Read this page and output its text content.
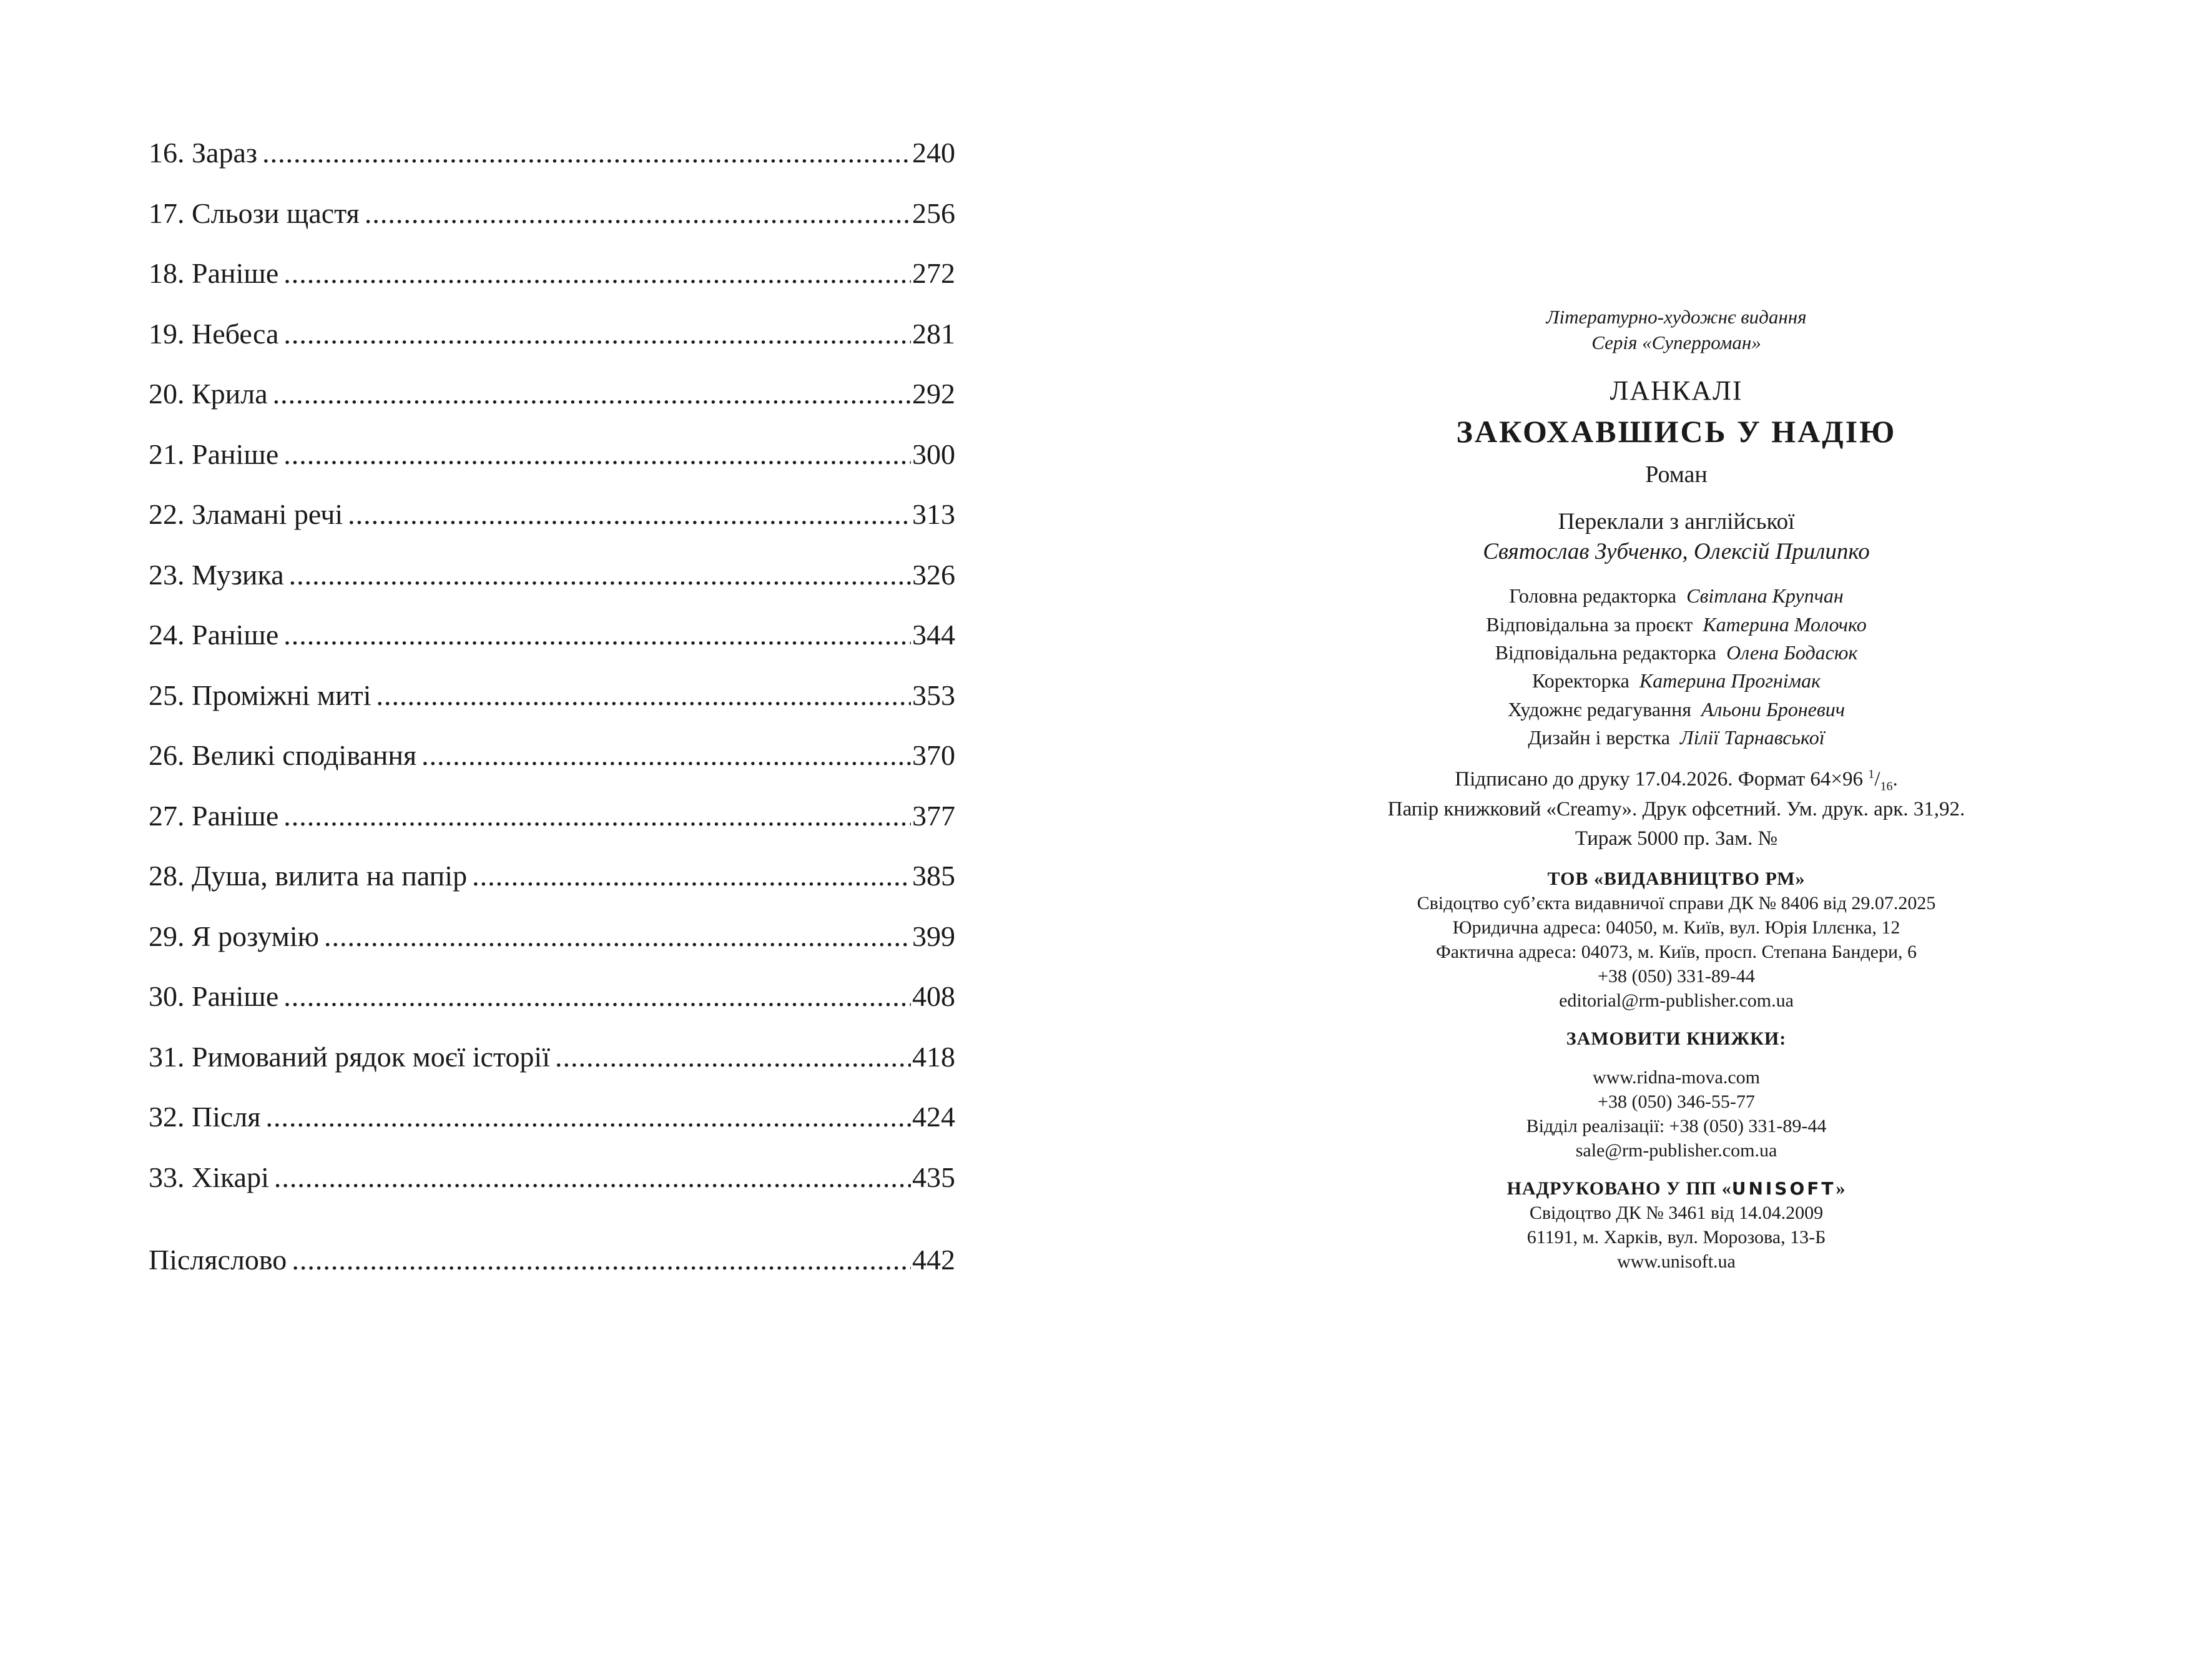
16. Зараз .....	240
17. Сльози щастя .....	256
18. Раніше .....	272
19. Небеса .....	281
20. Крила .....	292
21. Раніше .....	300
22. Зламані речі .....	313
23. Музика .....	326
24. Раніше .....	344
25. Проміжні миті .....	353
26. Великі сподівання .....	370
27. Раніше .....	377
28. Душа, вилита на папір .....	385
29. Я розумію .....	399
30. Раніше .....	408
31. Римований рядок моєї історії .....	418
32. Після .....	424
33. Хікарі .....	435
Післяслово .....	442
Літературно-художнє видання
Серія «Суперроман»
ЛАНКАЛІ
ЗАКОХАВШИСЬ У НАДІЮ
Роман
Переклали з англійської
Святослав Зубченко, Олексій Прилипко
Головна редакторка Світлана Крупчан
Відповідальна за проєкт Катерина Молочко
Відповідальна редакторка Олена Бодасюк
Коректорка Катерина Прогнімак
Художнє редагування Альони Броневич
Дизайн і верстка Лілії Тарнавської
Підписано до друку 17.04.2026. Формат 64×96 $^1/_{16}$.
Папір книжковий «Creamy». Друк офсетний. Ум. друк. арк. 31,92.
Тираж 5000 пр. Зам. №
ТОВ «ВИДАВНИЦТВО РМ»
Свідоцтво суб’єкта видавничої справи ДК № 8406 від 29.07.2025
Юридична адреса: 04050, м. Київ, вул. Юрія Іллєнка, 12
Фактична адреса: 04073, м. Київ, просп. Степана Бандери, 6
+38 (050) 331-89-44
editorial@rm-publisher.com.ua
ЗАМОВИТИ КНИЖКИ:
www.ridna-mova.com
+38 (050) 346-55-77
Відділ реалізації: +38 (050) 331-89-44
sale@rm-publisher.com.ua
НАДРУКОВАНО У ПП «UNISOFT»
Свідоцтво ДК № 3461 від 14.04.2009
61191, м. Харків, вул. Морозова, 13-Б
www.unisoft.ua
